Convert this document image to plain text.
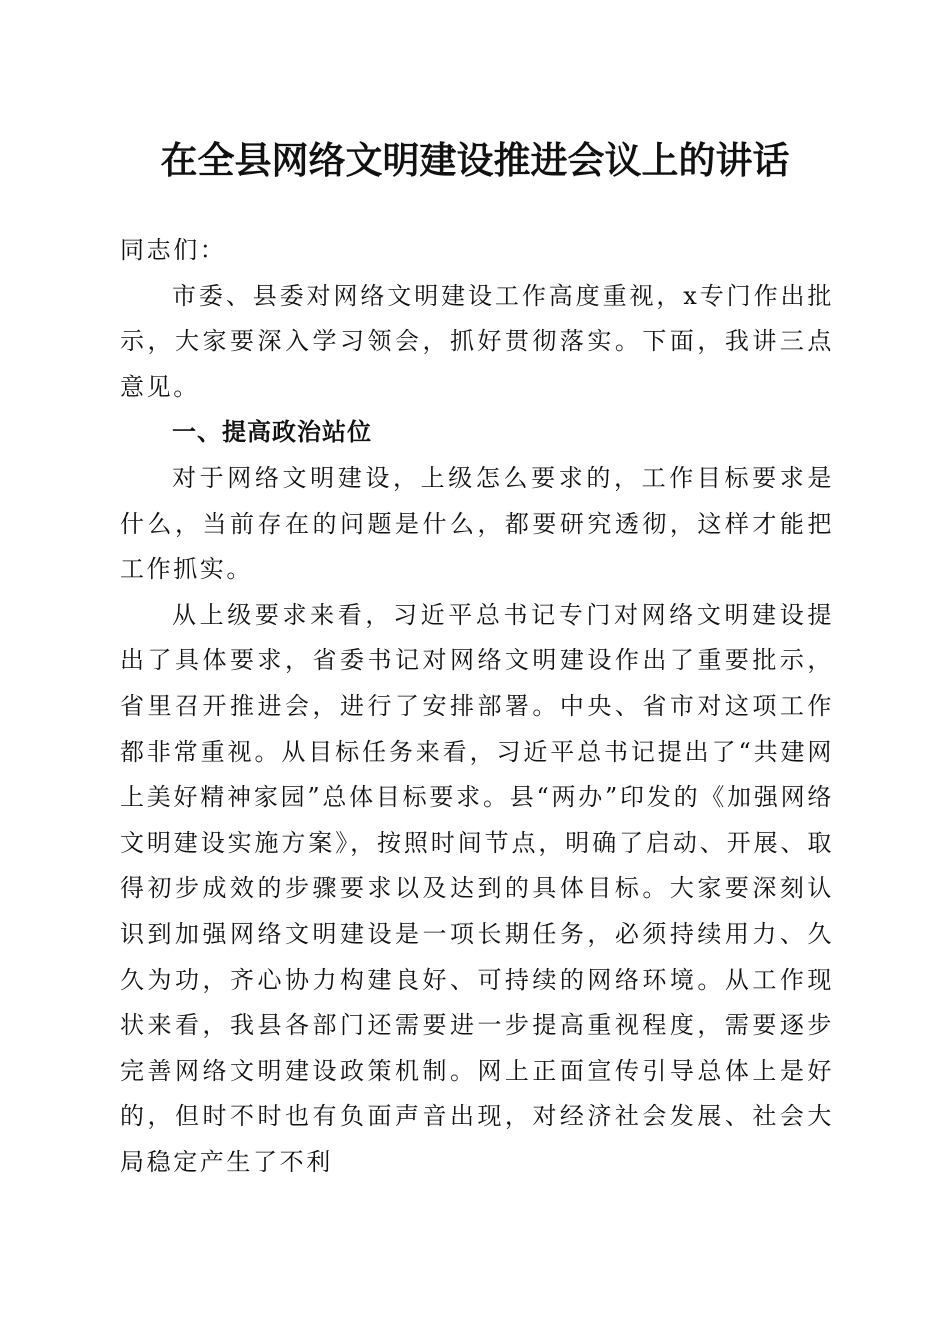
在全县网络文明建设推进会议上的讲话

同志们：

市委、县委对网络文明建设工作高度重视，x专门作出批示，大家要深入学习领会，抓好贯彻落实。下面，我讲三点意见。

一、提高政治站位

对于网络文明建设，上级怎么要求的，工作目标要求是什么，当前存在的问题是什么，都要研究透彻，这样才能把工作抓实。

从上级要求来看，习近平总书记专门对网络文明建设提出了具体要求，省委书记对网络文明建设作出了重要批示，省里召开推进会，进行了安排部署。中央、省市对这项工作都非常重视。从目标任务来看，习近平总书记提出了“共建网上美好精神家园”总体目标要求。县“两办”印发的《加强网络文明建设实施方案》，按照时间节点，明确了启动、开展、取得初步成效的步骤要求以及达到的具体目标。大家要深刻认识到加强网络文明建设是一项长期任务，必须持续用力、久久为功，齐心协力构建良好、可持续的网络环境。从工作现状来看，我县各部门还需要进一步提高重视程度，需要逐步完善网络文明建设政策机制。网上正面宣传引导总体上是好的，但时不时也有负面声音出现，对经济社会发展、社会大局稳定产生了不利
